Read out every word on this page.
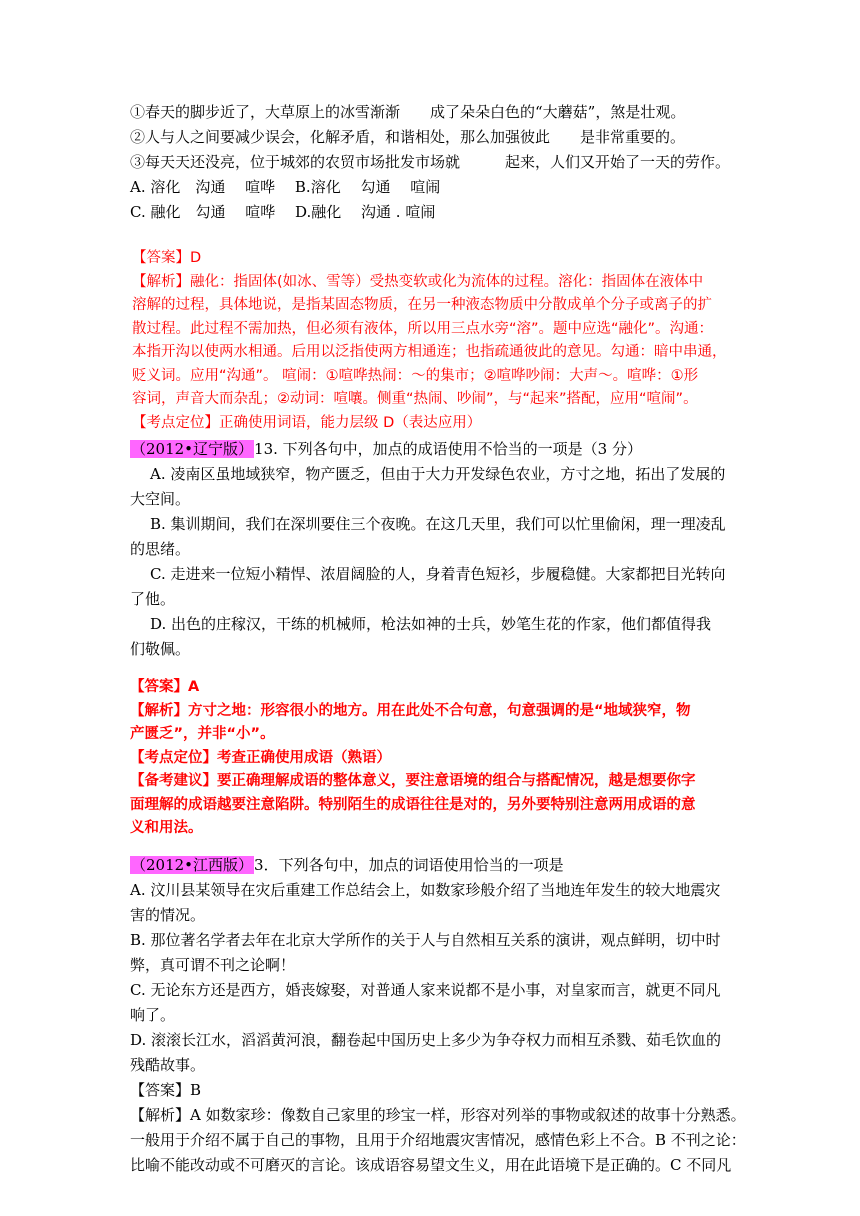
①春天的脚步近了，大草原上的冰雪渐渐　　成了朵朵白色的“大蘑菇”，煞是壮观。
②人与人之间要减少误会，化解矛盾，和谐相处，那么加强彼此　　是非常重要的。
③每天天还没亮，位于城郊的农贸市场批发市场就　　　起来，人们又开始了一天的劳作。
A. 溶化　沟通　 喧哗　 B.溶化　 勾通　 喧闹
C. 融化　勾通　 喧哗　 D.融化　 沟通 . 喧闹
【答案】D
【解析】融化：指固体(如冰、雪等）受热变软或化为流体的过程。溶化：指固体在液体中
溶解的过程，具体地说，是指某固态物质，在另一种液态物质中分散成单个分子或离子的扩
散过程。此过程不需加热，但必须有液体，所以用三点水旁“溶”。题中应选“融化”。沟通：
本指开沟以使两水相通。后用以泛指使两方相通连；也指疏通彼此的意见。勾通：暗中串通，
贬义词。应用“沟通”。 喧闹：①喧哗热闹：～的集市；②喧哗吵闹：大声～。喧哗：①形
容词，声音大而杂乱；②动词：喧嚷。侧重“热闹、吵闹”，与“起来”搭配，应用“喧闹”。
【考点定位】正确使用词语，能力层级 D（表达应用）
（2012•辽宁版）13. 下列各句中，加点的成语使用不恰当的一项是（3 分）
A. 凌南区虽地域狭窄，物产匮乏，但由于大力开发绿色农业，方寸之地，拓出了发展的
大空间。
B. 集训期间，我们在深圳要住三个夜晚。在这几天里，我们可以忙里偷闲，理一理凌乱
的思绪。
C. 走进来一位短小精悍、浓眉阔脸的人，身着青色短衫，步履稳健。大家都把目光转向
了他。
D. 出色的庄稼汉，干练的机械师，枪法如神的士兵，妙笔生花的作家，他们都值得我
们敬佩。
【答案】A
【解析】方寸之地：形容很小的地方。用在此处不合句意，句意强调的是“地域狭窄，物
产匮乏”，并非“小”。
【考点定位】考查正确使用成语（熟语）
【备考建议】要正确理解成语的整体意义，要注意语境的组合与搭配情况，越是想要你字
面理解的成语越要注意陷阱。特别陌生的成语往往是对的，另外要特别注意两用成语的意
义和用法。
（2012•江西版）3．下列各句中，加点的词语使用恰当的一项是
A. 汶川县某领导在灾后重建工作总结会上，如数家珍般介绍了当地连年发生的较大地震灾
害的情况。
B. 那位著名学者去年在北京大学所作的关于人与自然相互关系的演讲，观点鲜明，切中时
弊，真可谓不刊之论啊！
C. 无论东方还是西方，婚丧嫁娶，对普通人家来说都不是小事，对皇家而言，就更不同凡
响了。
D. 滚滚长江水，滔滔黄河浪，翻卷起中国历史上多少为争夺权力而相互杀戮、茹毛饮血的
残酷故事。
【答案】B
【解析】A 如数家珍：像数自己家里的珍宝一样，形容对列举的事物或叙述的故事十分熟悉。
一般用于介绍不属于自己的事物，且用于介绍地震灾害情况，感情色彩上不合。B 不刊之论：
比喻不能改动或不可磨灭的言论。该成语容易望文生义，用在此语境下是正确的。C 不同凡
